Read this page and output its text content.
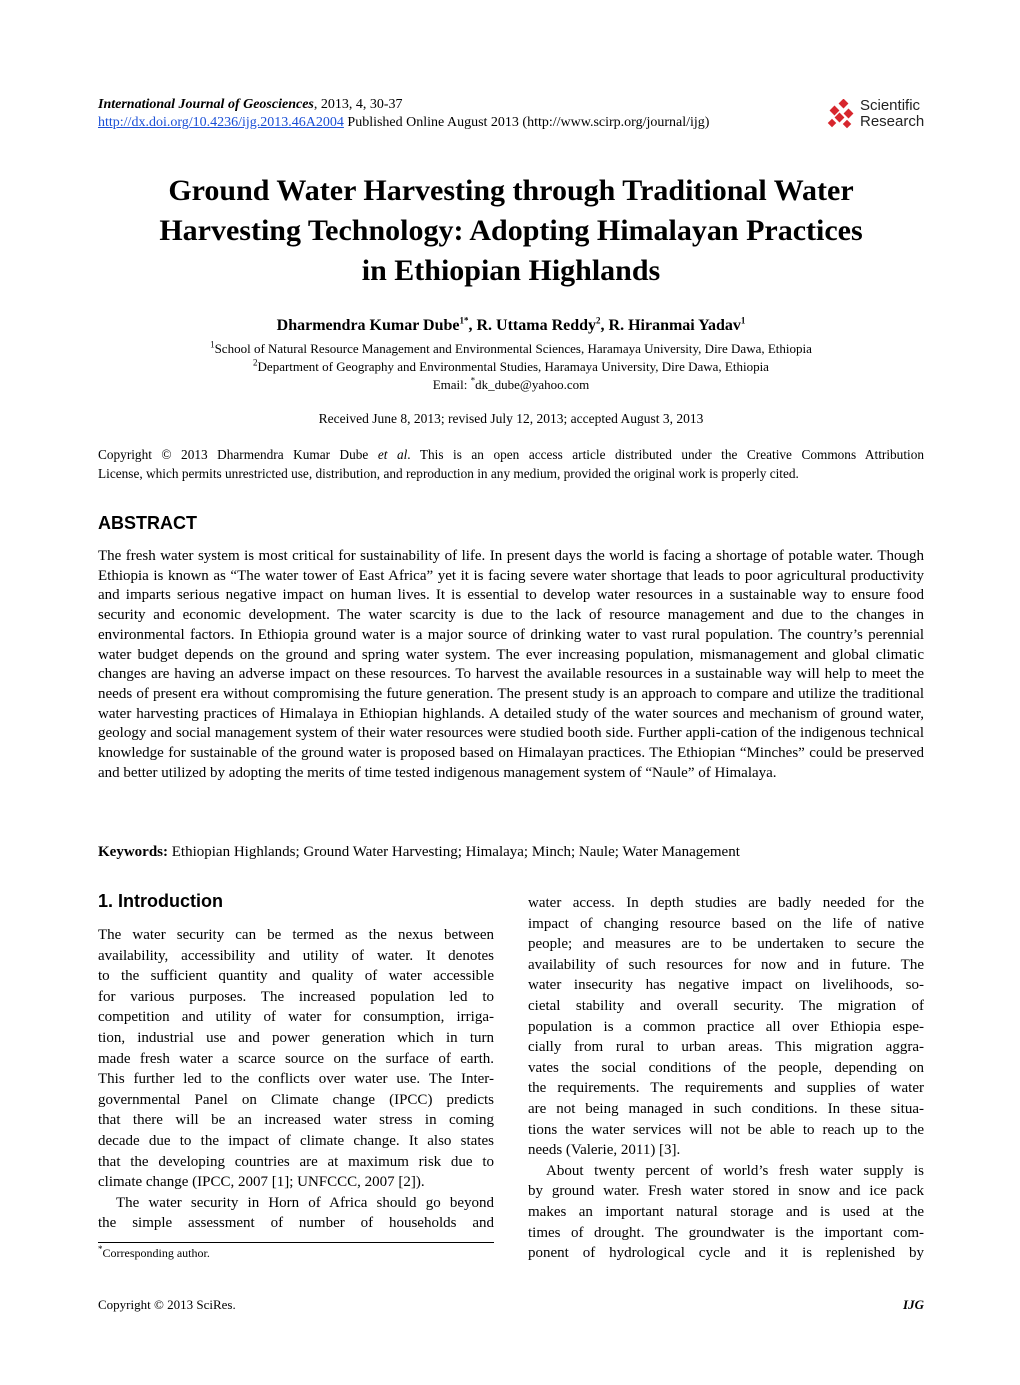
International Journal of Geosciences, 2013, 4, 30-37
http://dx.doi.org/10.4236/ijg.2013.46A2004 Published Online August 2013 (http://www.scirp.org/journal/ijg)
Scientific
Research
Ground Water Harvesting through Traditional Water
Harvesting Technology: Adopting Himalayan Practices
in Ethiopian Highlands
Dharmendra Kumar Dube$^{1*}$, R. Uttama Reddy$^2$, R. Hiranmai Yadav$^1$
$^1$School of Natural Resource Management and Environmental Sciences, Haramaya University, Dire Dawa, Ethiopia
$^2$Department of Geography and Environmental Studies, Haramaya University, Dire Dawa, Ethiopia
Email: *dk_dube@yahoo.com
Received June 8, 2013; revised July 12, 2013; accepted August 3, 2013
Copyright © 2013 Dharmendra Kumar Dube et al. This is an open access article distributed under the Creative Commons Attribution
License, which permits unrestricted use, distribution, and reproduction in any medium, provided the original work is properly cited.
ABSTRACT
The fresh water system is most critical for sustainability of life. In present days the world is facing a shortage of potable water. Though Ethiopia is known as “The water tower of East Africa” yet it is facing severe water shortage that leads to poor agricultural productivity and imparts serious negative impact on human lives. It is essential to develop water resources in a sustainable way to ensure food security and economic development. The water scarcity is due to the lack of resource management and due to the changes in environmental factors. In Ethiopia ground water is a major source of drinking water to vast rural population. The country’s perennial water budget depends on the ground and spring water system. The ever increasing population, mismanagement and global climatic changes are having an adverse impact on these resources. To harvest the available resources in a sustainable way will help to meet the needs of present era without compromising the future generation. The present study is an approach to compare and utilize the traditional water harvesting practices of Himalaya in Ethiopian highlands. A detailed study of the water sources and mechanism of ground water, geology and social management system of their water resources were studied booth side. Further appli-cation of the indigenous technical knowledge for sustainable of the ground water is proposed based on Himalayan practices. The Ethiopian “Minches” could be preserved and better utilized by adopting the merits of time tested indigenous management system of “Naule” of Himalaya.
Keywords: Ethiopian Highlands; Ground Water Harvesting; Himalaya; Minch; Naule; Water Management
1. Introduction
The water security can be termed as the nexus between
availability, accessibility and utility of water. It denotes
to the sufficient quantity and quality of water accessible
for various purposes. The increased population led to
competition and utility of water for consumption, irriga-
tion, industrial use and power generation which in turn
made fresh water a scarce source on the surface of earth.
This further led to the conflicts over water use. The Inter-
governmental Panel on Climate change (IPCC) predicts
that there will be an increased water stress in coming
decade due to the impact of climate change. It also states
that the developing countries are at maximum risk due to
climate change (IPCC, 2007 [1]; UNFCCC, 2007 [2]).
The water security in Horn of Africa should go beyond
the simple assessment of number of households and
*Corresponding author.
water access. In depth studies are badly needed for the
impact of changing resource based on the life of native
people; and measures are to be undertaken to secure the
availability of such resources for now and in future. The
water insecurity has negative impact on livelihoods, so-
cietal stability and overall security. The migration of
population is a common practice all over Ethiopia espe-
cially from rural to urban areas. This migration aggra-
vates the social conditions of the people, depending on
the requirements. The requirements and supplies of water
are not being managed in such conditions. In these situa-
tions the water services will not be able to reach up to the
needs (Valerie, 2011) [3].
About twenty percent of world’s fresh water supply is
by ground water. Fresh water stored in snow and ice pack
makes an important natural storage and is used at the
times of drought. The groundwater is the important com-
ponent of hydrological cycle and it is replenished by
Copyright © 2013 SciRes.	IJG
